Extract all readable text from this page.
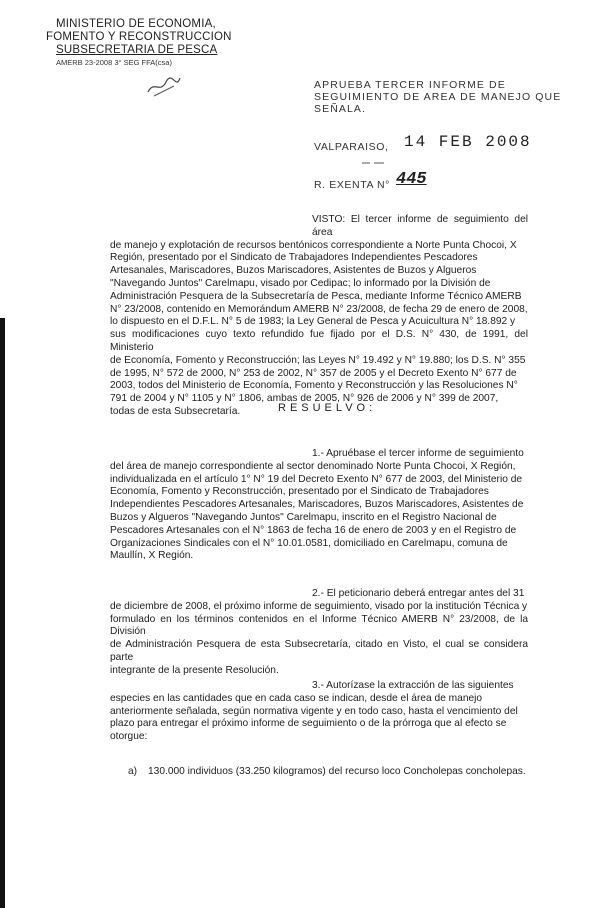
MINISTERIO DE ECONOMIA,
FOMENTO Y RECONSTRUCCION
SUBSECRETARIA DE PESCA
AMERB 23-2008 3° SEG FFA(csa)
APRUEBA TERCER INFORME DE
SEGUIMIENTO DE AREA DE MANEJO QUE
SEÑALA.
VALPARAISO, 14 FEB 2008
R. EXENTA N° 445
VISTO: El tercer informe de seguimiento del área
de manejo y explotación de recursos bentónicos correspondiente a Norte Punta Chocoi, X
Región, presentado por el Sindicato de Trabajadores Independientes Pescadores
Artesanales, Mariscadores, Buzos Mariscadores, Asistentes de Buzos y Algueros
"Navegando Juntos" Carelmapu, visado por Cedipac; lo informado por la División de
Administración Pesquera de la Subsecretaría de Pesca, mediante Informe Técnico AMERB
N° 23/2008, contenido en Memorándum AMERB N° 23/2008, de fecha 29 de enero de 2008,
lo dispuesto en el D.F.L. N° 5 de 1983; la Ley General de Pesca y Acuicultura N° 18.892 y
sus modificaciones cuyo texto refundido fue fijado por el D.S. N° 430, de 1991, del Ministerio
de Economía, Fomento y Reconstrucción; las Leyes N° 19.492 y N° 19.880; los D.S. N° 355
de 1995, N° 572 de 2000, N° 253 de 2002, N° 357 de 2005 y el Decreto Exento N° 677 de
2003, todos del Ministerio de Economía, Fomento y Reconstrucción y las Resoluciones N°
791 de 2004 y N° 1105 y N° 1806, ambas de 2005, N° 926 de 2006 y N° 399 de 2007,
todas de esta Subsecretaría.	RESUELVO:
1.- Apruébase el tercer informe de seguimiento
del área de manejo correspondiente al sector denominado Norte Punta Chocoi, X Región,
individualizada en el artículo 1° N° 19 del Decreto Exento N° 677 de 2003, del Ministerio de
Economía, Fomento y Reconstrucción, presentado por el Sindicato de Trabajadores
Independientes Pescadores Artesanales, Mariscadores, Buzos Mariscadores, Asistentes de
Buzos y Algueros "Navegando Juntos" Carelmapu, inscrito en el Registro Nacional de
Pescadores Artesanales con el N° 1863 de fecha 16 de enero de 2003 y en el Registro de
Organizaciones Sindicales con el N° 10.01.0581, domiciliado en Carelmapu, comuna de
Maullín, X Región.
2.- El peticionario deberá entregar antes del 31
de diciembre de 2008, el próximo informe de seguimiento, visado por la institución Técnica y
formulado en los términos contenidos en el Informe Técnico AMERB N° 23/2008, de la División
de Administración Pesquera de esta Subsecretaría, citado en Visto, el cual se considera parte
integrante de la presente Resolución.
3.- Autorízase la extracción de las siguientes
especies en las cantidades que en cada caso se indican, desde el área de manejo
anteriormente señalada, según normativa vigente y en todo caso, hasta el vencimiento del
plazo para entregar el próximo informe de seguimiento o de la prórroga que al efecto se
otorgue:
a) 130.000 individuos (33.250 kilogramos) del recurso loco Concholepas concholepas.
